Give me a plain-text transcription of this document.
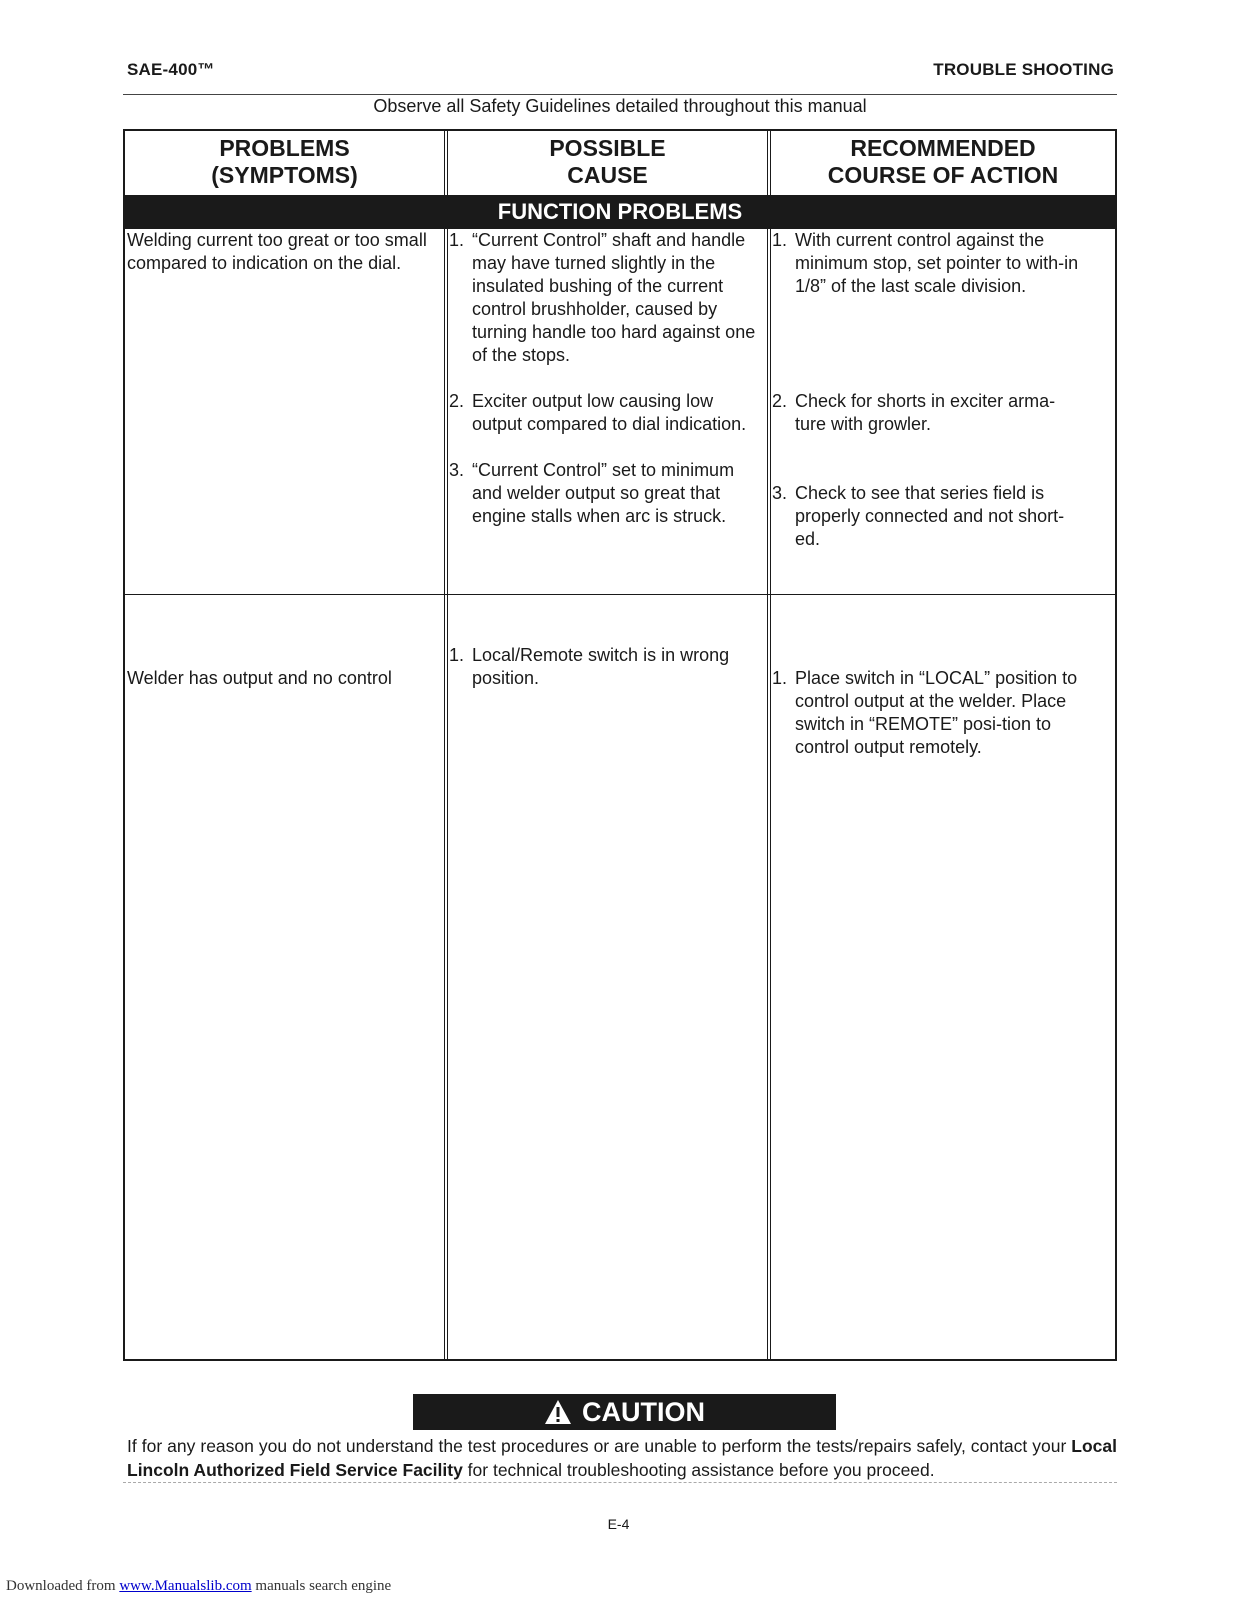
SAE-400™	TROUBLE SHOOTING
Observe all Safety Guidelines detailed throughout this manual
PROBLEMS
(SYMPTOMS)
POSSIBLE
CAUSE
RECOMMENDED
COURSE OF ACTION
FUNCTION PROBLEMS
Welding current too great or too small compared to indication on the dial.
1. “Current Control” shaft and handle may have turned slightly in the insulated bushing of the current control brushholder, caused by turning handle too hard against one of the stops.
2. Exciter output low causing low output compared to dial indication.
3. “Current Control” set to minimum and welder output so great that engine stalls when arc is struck.
1. With current control against the minimum stop, set pointer to with-in 1/8” of the last scale division.
2. Check for shorts in exciter arma-ture with growler.
3. Check to see that series field is properly connected and not short-ed.
Welder has output and no control
1. Local/Remote switch is in wrong position.	1. Place switch in “LOCAL” position to control output at the welder. Place switch in “REMOTE” posi-tion to control output remotely.
CAUTION
If for any reason you do not understand the test procedures or are unable to perform the tests/repairs safely, contact your Local Lincoln Authorized Field Service Facility for technical troubleshooting assistance before you proceed.
E-4
Downloaded from www.Manualslib.com manuals search engine
